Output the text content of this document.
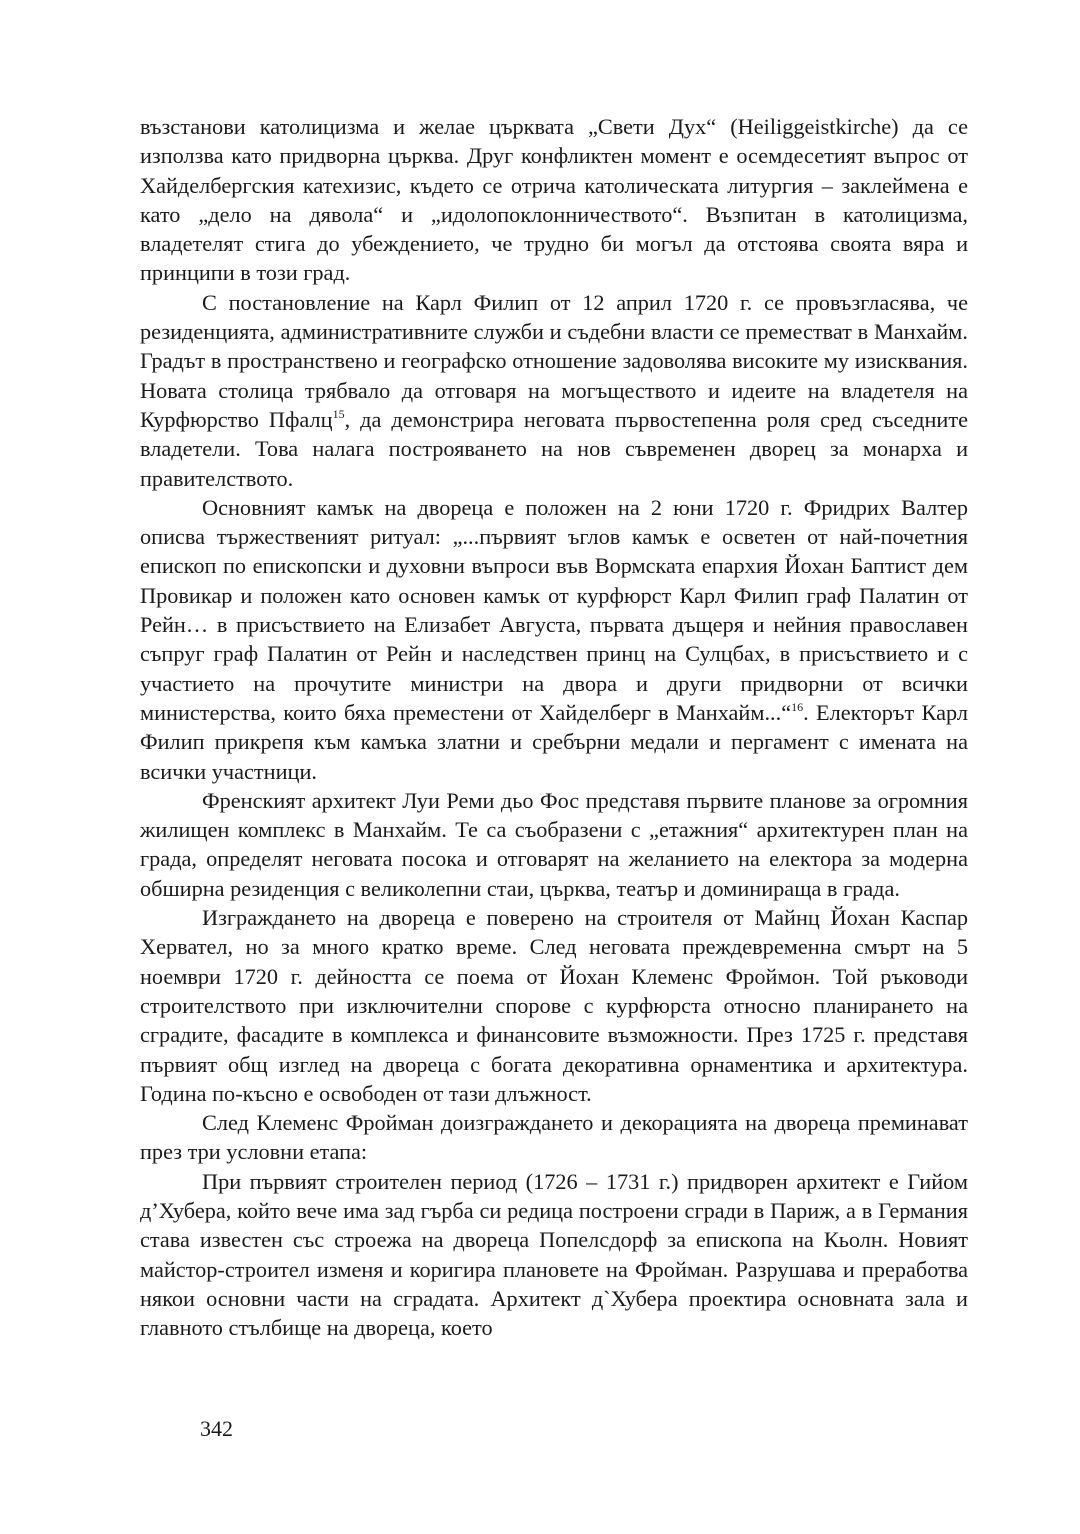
възстанови католицизма и желае църквата „Свети Дух“ (Heiliggeistkirche) да се използва като придворна църква. Друг конфликтен момент е осемдесетият въпрос от Хайделбергския катехизис, където се отрича католическата литургия – заклеймена е като „дело на дявола“ и „идолопоклонничеството“. Възпитан в католицизма, владетелят стига до убеждението, че трудно би могъл да отстоява своята вяра и принципи в този град.

С постановление на Карл Филип от 12 април 1720 г. се провъзгласява, че резиденцията, административните служби и съдебни власти се преместват в Манхайм. Градът в пространствено и географско отношение задоволява високите му изисквания. Новата столица трябвало да отговаря на могъществото и идеите на владетеля на Курфюрство Пфалц$^{15}$, да демонстрира неговата първостепенна роля сред съседните владетели. Това налага построяването на нов съвременен дворец за монарха и правителството.

Основният камък на двореца е положен на 2 юни 1720 г. Фридрих Валтер описва тържественият ритуал: „...първият ъглов камък е осветен от най-почетния епископ по епископски и духовни въпроси във Вормската епархия Йохан Баптист дем Провикар и положен като основен камък от курфюрст Карл Филип граф Палатин от Рейн… в присъствието на Елизабет Августа, първата дъщеря и нейния православен съпруг граф Палатин от Рейн и наследствен принц на Сулцбах, в присъствието и с участието на прочутите министри на двора и други придворни от всички министерства, които бяха преместени от Хайделберг в Манхайм...“$^{16}$. Електорът Карл Филип прикрепя към камъка златни и сребърни медали и пергамент с имената на всички участници.

Френският архитект Луи Реми дьо Фос представя първите планове за огромния жилищен комплекс в Манхайм. Те са съобразени с „етажния“ архитектурен план на града, определят неговата посока и отговарят на желанието на електора за модерна обширна резиденция с великолепни стаи, църква, театър и доминираща в града.

Изграждането на двореца е поверено на строителя от Майнц Йохан Каспар Хервател, но за много кратко време. След неговата преждевременна смърт на 5 ноември 1720 г. дейността се поема от Йохан Клеменс Фроймон. Той ръководи строителството при изключителни спорове с курфюрста относно планирането на сградите, фасадите в комплекса и финансовите възможности. През 1725 г. представя първият общ изглед на двореца с богата декоративна орнаментика и архитектура. Година по-късно е освободен от тази длъжност.

След Клеменс Фройман доизграждането и декорацията на двореца преминават през три условни етапа:

При първият строителен период (1726 – 1731 г.) придворен архитект е Гийом д’Хубера, който вече има зад гърба си редица построени сгради в Париж, а в Германия става известен със строежа на двореца Попелсдорф за епископа на Кьолн. Новият майстор-строител изменя и коригира плановете на Фройман. Разрушава и преработва някои основни части на сградата. Архитект д`Хубера проектира основната зала и главното стълбище на двореца, което

342
